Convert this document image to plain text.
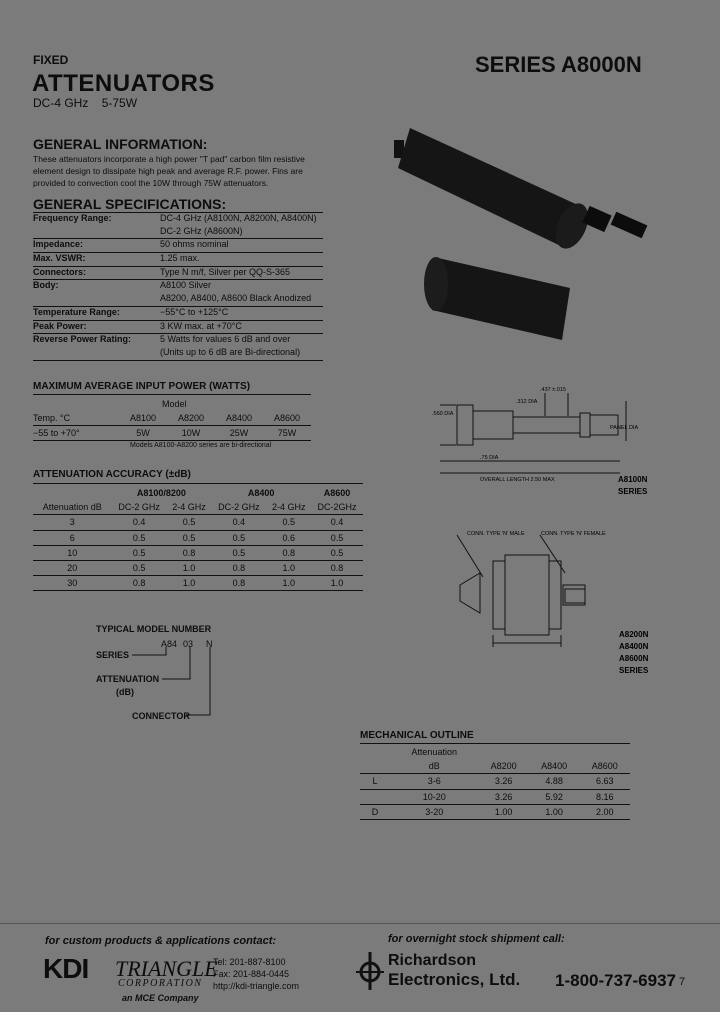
FIXED
ATTENUATORS
DC-4 GHz 5-75W
SERIES A8000N
GENERAL INFORMATION:
These attenuators incorporate a high power "T pad" carbon film resistive element design to dissipate high peak and average R.F. power. Fins are provided to convection cool the 10W through 75W attenuators.
GENERAL SPECIFICATIONS:
Frequency Range:	DC-4 GHz (A8100N, A8200N, A8400N)
	DC-2 GHz (A8600N)
Impedance:	50 ohms nominal
Max. VSWR:	1.25 max.
Connectors:	Type N m/f, Silver per QQ-S-365
Body:	A8100 Silver
	A8200, A8400, A8600 Black Anodized
Temperature Range:	−55°C to +125°C
Peak Power:	3 KW max. at +70°C
Reverse Power Rating:	5 Watts for values 6 dB and over
	(Units up to 6 dB are Bi-directional)
MAXIMUM AVERAGE INPUT POWER (WATTS)
Model
Temp. °C	A8100	A8200	A8400	A8600
−55 to +70°	5W	10W	25W	75W
Models A8100-A8200 series are bi-directional
ATTENUATION ACCURACY (±dB)
	A8100/8200		A8400		A8600
Attenuation dB	DC-2 GHz	2-4 GHz	DC-2 GHz	2-4 GHz	DC-2GHz
3	0.4	0.5	0.4	0.5	0.4
6	0.5	0.5	0.5	0.6	0.5
10	0.5	0.8	0.5	0.8	0.5
20	0.5	1.0	0.8	1.0	0.8
30	0.8	1.0	0.8	1.0	1.0
TYPICAL MODEL NUMBER
A84 03 N
SERIES
ATTENUATION
(dB)
CONNECTOR
.560 DIA
.437 ±.015
.312 DIA
PANEL DIA
.75 DIA
OVERALL LENGTH 2.50 MAX	A8100N
SERIES
CONN. TYPE 'N' MALE	CONN. TYPE 'N' FEMALE
A8200N
A8400N
A8600N
SERIES
MECHANICAL OUTLINE
	Attenuation			
	dB	A8200	A8400	A8600
L	3-6	3.26	4.88	6.63
	10-20	3.26	5.92	8.16
D	3-20	1.00	1.00	2.00
for custom products & applications contact:
KDI TRIANGLE
CORPORATION
Tel: 201-887-8100
Fax: 201-884-0445
http://kdi-triangle.com
an MCE Company
for overnight stock shipment call:
Richardson
Electronics, Ltd. 1-800-737-6937 7
